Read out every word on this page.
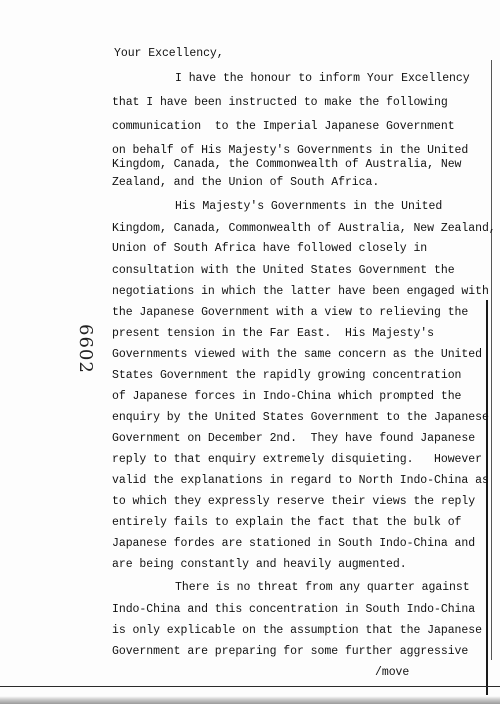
Your Excellency,
I have the honour to inform Your Excellency
that I have been instructed to make the following
communication  to the Imperial Japanese Government
on behalf of His Majesty's Governments in the United
Kingdom, Canada, the Commonwealth of Australia, New
Zealand, and the Union of South Africa.
His Majesty's Governments in the United
Kingdom, Canada, Commonwealth of Australia, New Zealand,
Union of South Africa have followed closely in
consultation with the United States Government the
negotiations in which the latter have been engaged with
the Japanese Government with a view to relieving the
present tension in the Far East.  His Majesty's
Governments viewed with the same concern as the United
States Government the rapidly growing concentration
of Japanese forces in Indo-China which prompted the
enquiry by the United States Government to the Japanese
Government on December 2nd.  They have found Japanese
reply to that enquiry extremely disquieting.   However
valid the explanations in regard to North Indo-China as
to which they expressly reserve their views the reply
entirely fails to explain the fact that the bulk of
Japanese fordes are stationed in South Indo-China and
are being constantly and heavily augmented.
There is no threat from any quarter against
Indo-China and this concentration in South Indo-China
is only explicable on the assumption that the Japanese
Government are preparing for some further aggressive
/move
6602
